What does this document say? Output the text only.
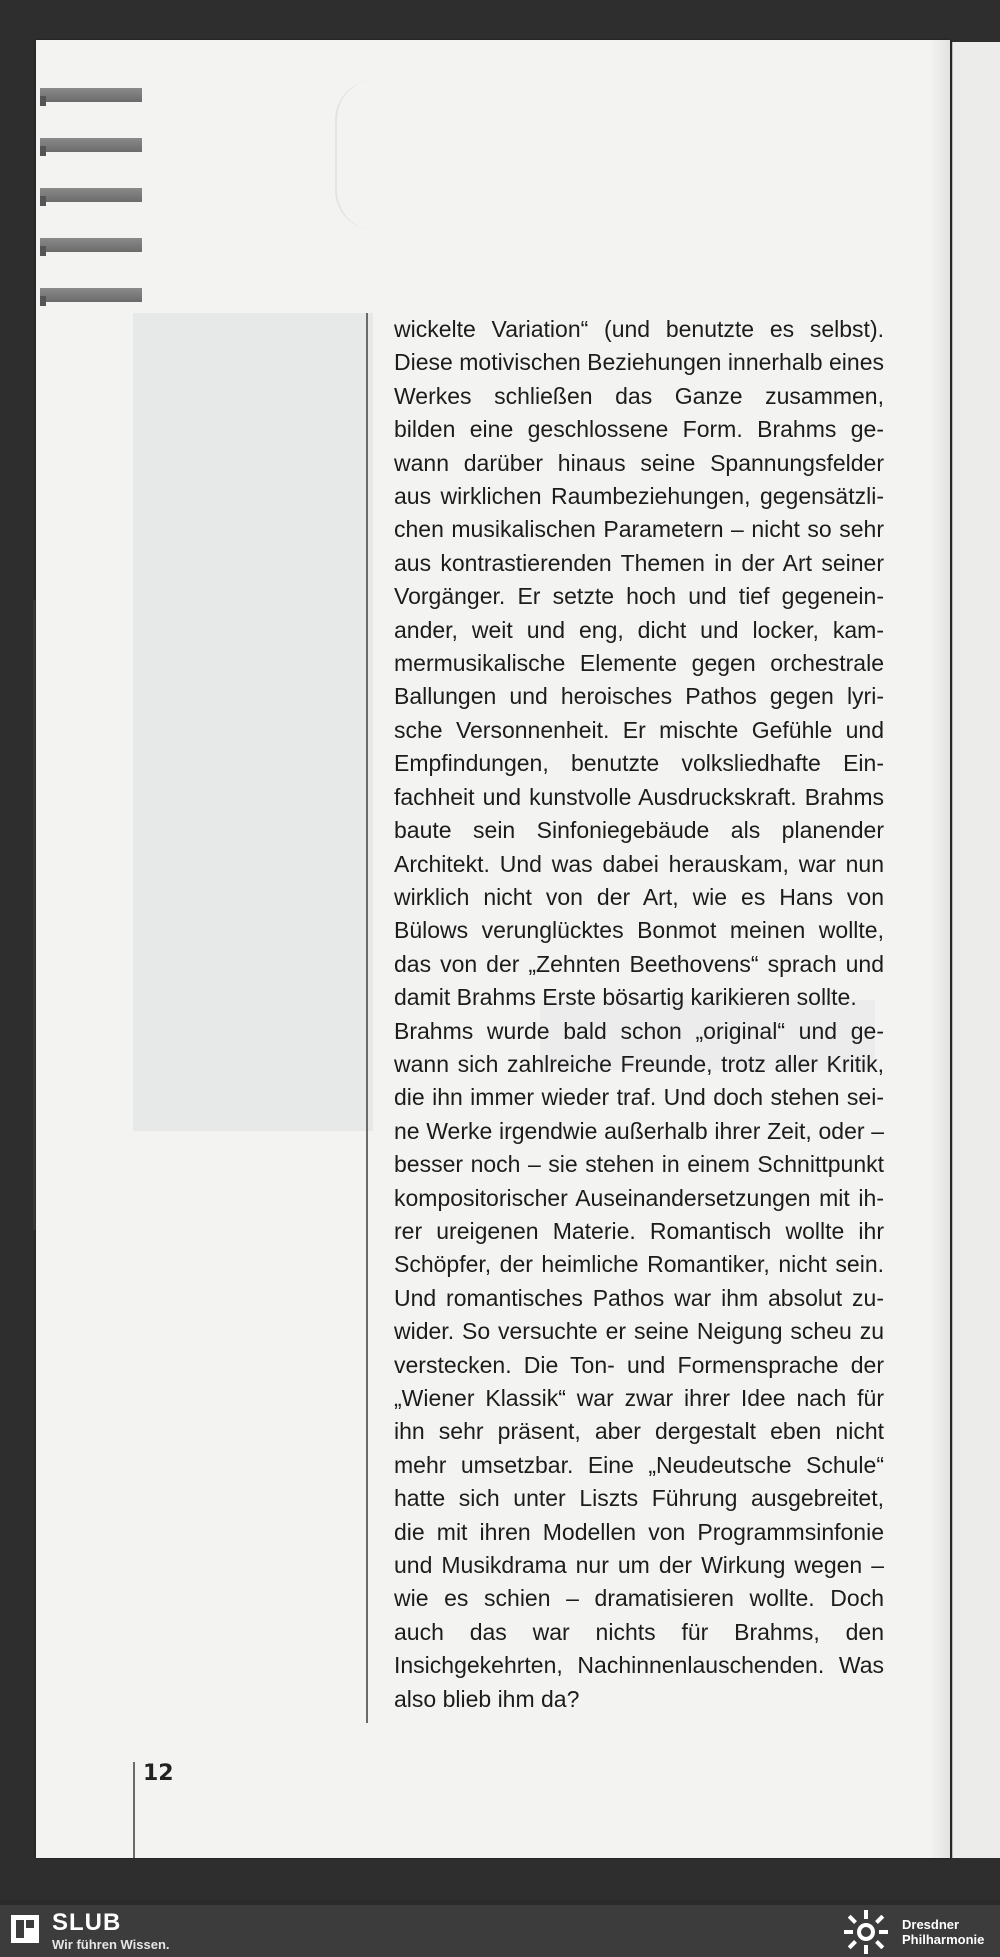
wickelte Variation“ (und benutzte es selbst). Diese motivischen Beziehungen innerhalb eines Werkes schließen das Ganze zusammen, bilden eine geschlossene Form. Brahms gewann darüber hinaus seine Spannungsfelder aus wirklichen Raumbeziehungen, gegensätzlichen musikalischen Parametern – nicht so sehr aus kontrastierenden Themen in der Art seiner Vorgänger. Er setzte hoch und tief gegeneinander, weit und eng, dicht und locker, kammermusikalische Elemente gegen orchestrale Ballungen und heroisches Pathos gegen lyrische Versonnenheit. Er mischte Gefühle und Empfindungen, benutzte volksliedhafte Einfachheit und kunstvolle Ausdruckskraft. Brahms baute sein Sinfoniegebäude als planender Architekt. Und was dabei herauskam, war nun wirklich nicht von der Art, wie es Hans von Bülows verunglücktes Bonmot meinen wollte, das von der „Zehnten Beethovens“ sprach und damit Brahms Erste bösartig karikieren sollte.
Brahms wurde bald schon „original“ und gewann sich zahlreiche Freunde, trotz aller Kritik, die ihn immer wieder traf. Und doch stehen seine Werke irgendwie außerhalb ihrer Zeit, oder – besser noch – sie stehen in einem Schnittpunkt kompositorischer Auseinandersetzungen mit ihrer ureigenen Materie. Romantisch wollte ihr Schöpfer, der heimliche Romantiker, nicht sein. Und romantisches Pathos war ihm absolut zuwider. So versuchte er seine Neigung scheu zu verstecken. Die Ton- und Formensprache der „Wiener Klassik“ war zwar ihrer Idee nach für ihn sehr präsent, aber dergestalt eben nicht mehr umsetzbar. Eine „Neudeutsche Schule“ hatte sich unter Liszts Führung ausgebreitet, die mit ihren Modellen von Programmsinfonie und Musikdrama nur um der Wirkung wegen – wie es schien – dramatisieren wollte. Doch auch das war nichts für Brahms, den Insichgekehrten, Nachinnenlauschenden. Was also blieb ihm da?

12
SLUB
Wir führen Wissen.
Dresdner
Philharmonie
